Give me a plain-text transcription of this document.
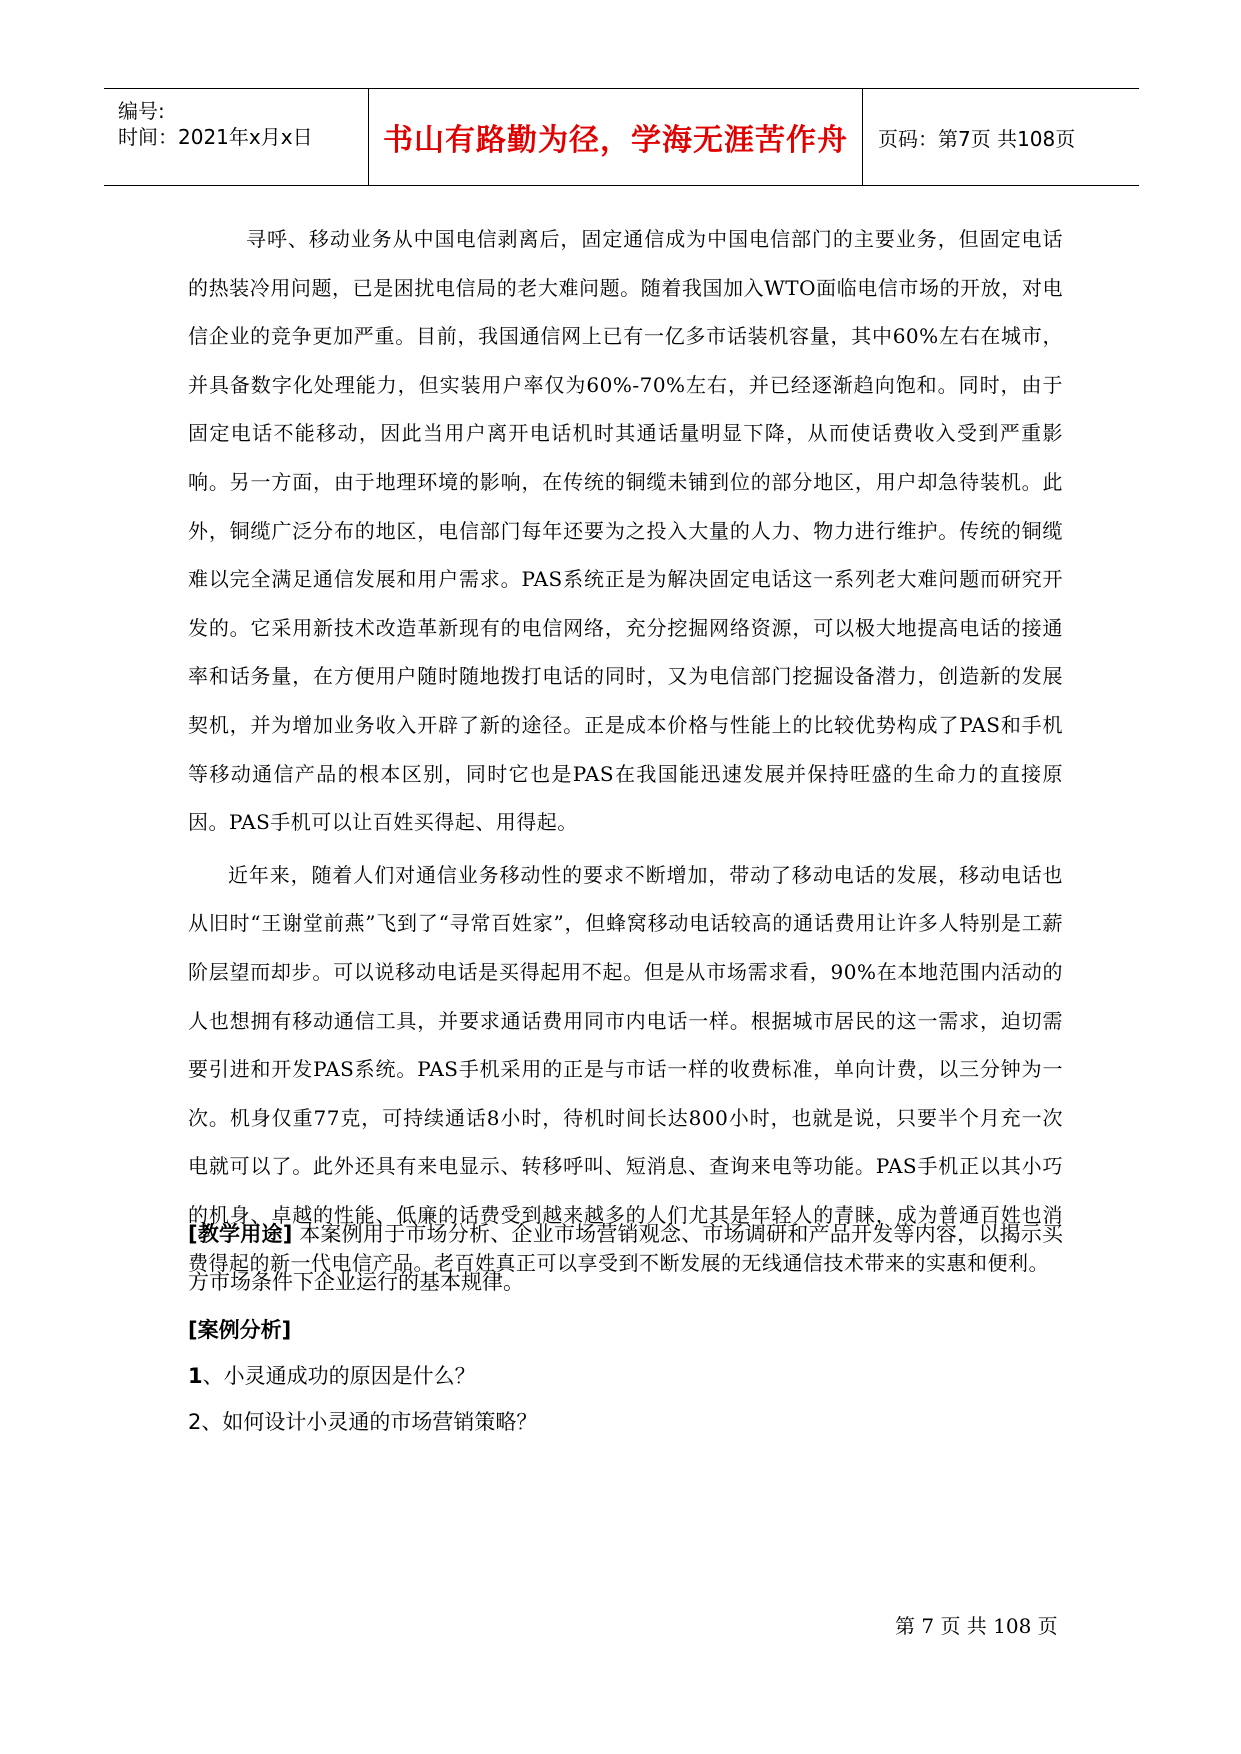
编号:
时间：2021年x月x日 书山有路勤为径，学海无涯苦作舟 页码：第7页 共108页

寻呼、移动业务从中国电信剥离后，固定通信成为中国电信部门的主要业务，但固定电话的热装冷用问题，已是困扰电信局的老大难问题。随着我国加入WTO面临电信市场的开放，对电信企业的竞争更加严重。目前，我国通信网上已有一亿多市话装机容量，其中60%左右在城市，并具备数字化处理能力，但实装用户率仅为60%-70%左右，并已经逐渐趋向饱和。同时，由于固定电话不能移动，因此当用户离开电话机时其通话量明显下降，从而使话费收入受到严重影响。另一方面，由于地理环境的影响，在传统的铜缆未铺到位的部分地区，用户却急待装机。此外，铜缆广泛分布的地区，电信部门每年还要为之投入大量的人力、物力进行维护。传统的铜缆难以完全满足通信发展和用户需求。PAS系统正是为解决固定电话这一系列老大难问题而研究开发的。它采用新技术改造革新现有的电信网络，充分挖掘网络资源，可以极大地提高电话的接通率和话务量，在方便用户随时随地拨打电话的同时，又为电信部门挖掘设备潜力，创造新的发展契机，并为增加业务收入开辟了新的途径。正是成本价格与性能上的比较优势构成了PAS和手机等移动通信产品的根本区别，同时它也是PAS在我国能迅速发展并保持旺盛的生命力的直接原因。PAS手机可以让百姓买得起、用得起。

近年来，随着人们对通信业务移动性的要求不断增加，带动了移动电话的发展，移动电话也从旧时“王谢堂前燕”飞到了“寻常百姓家”，但蜂窝移动电话较高的通话费用让许多人特别是工薪阶层望而却步。可以说移动电话是买得起用不起。但是从市场需求看，90%在本地范围内活动的人也想拥有移动通信工具，并要求通话费用同市内电话一样。根据城市居民的这一需求，迫切需要引进和开发PAS系统。PAS手机采用的正是与市话一样的收费标准，单向计费，以三分钟为一次。机身仅重77克，可持续通话8小时，待机时间长达800小时，也就是说，只要半个月充一次电就可以了。此外还具有来电显示、转移呼叫、短消息、查询来电等功能。PAS手机正以其小巧的机身、卓越的性能、低廉的话费受到越来越多的人们尤其是年轻人的青睐，成为普通百姓也消费得起的新一代电信产品。老百姓真正可以享受到不断发展的无线通信技术带来的实惠和便利。

[教学用途] 本案例用于市场分析、企业市场营销观念、市场调研和产品开发等内容，以揭示买方市场条件下企业运行的基本规律。

[案例分析]

1、小灵通成功的原因是什么？

2、如何设计小灵通的市场营销策略？

第 7 页 共 108 页
